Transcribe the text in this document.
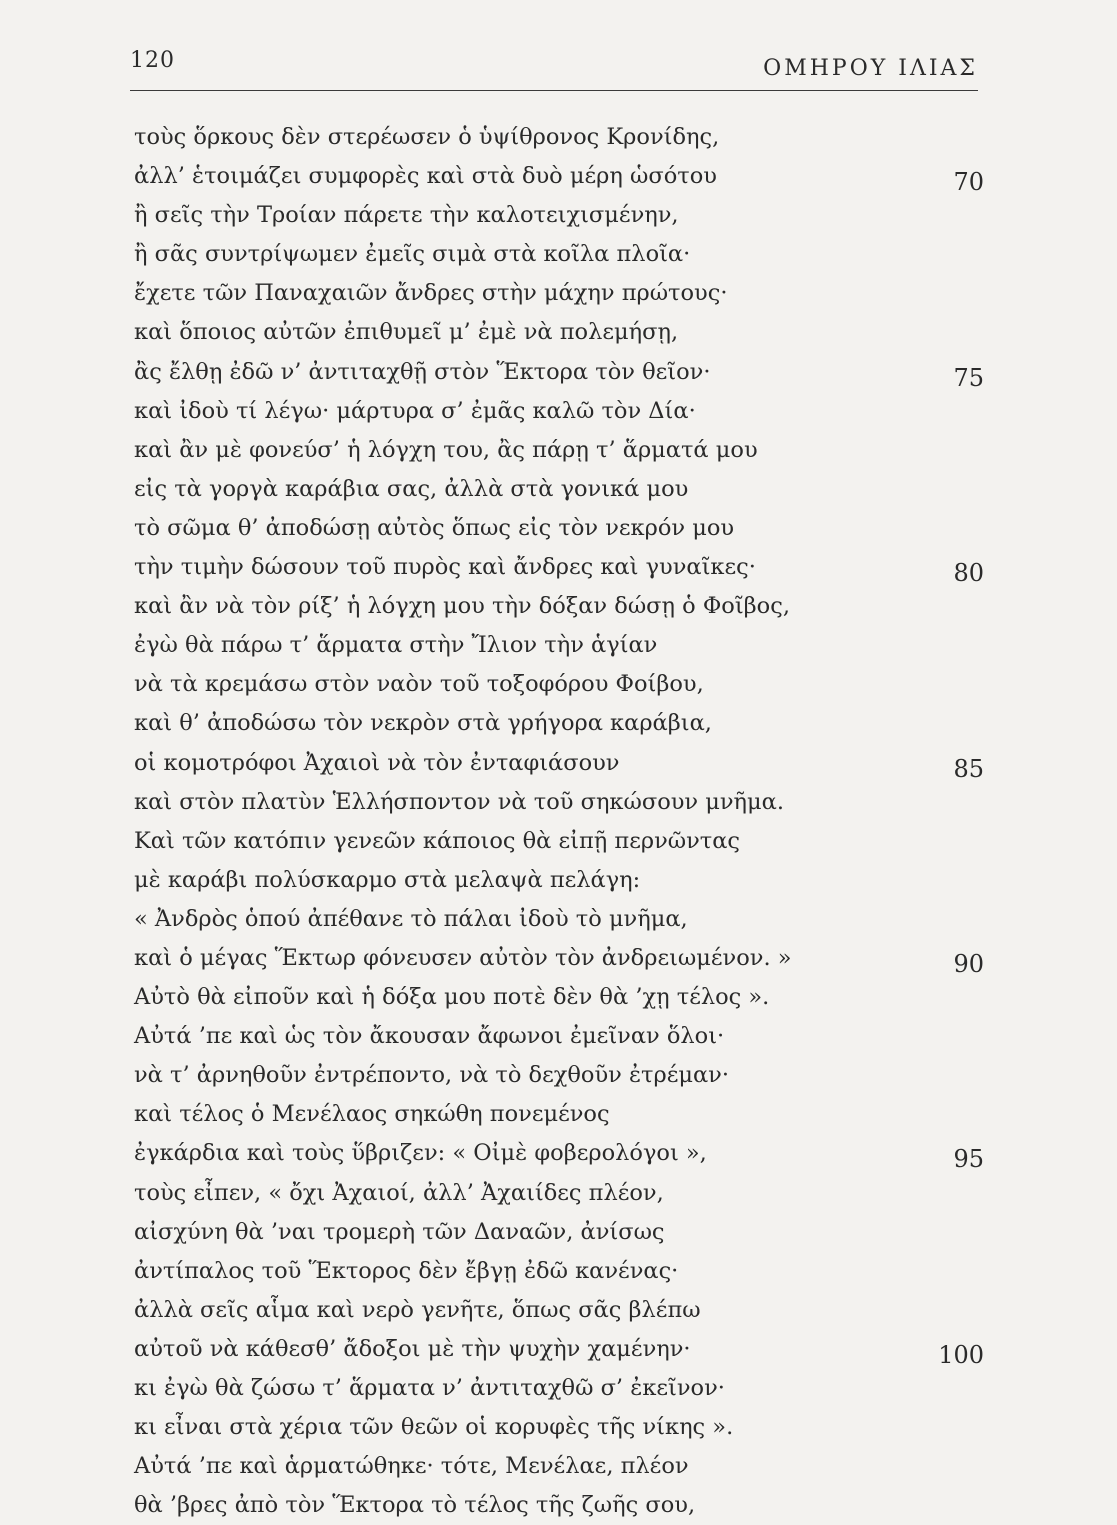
120	ΟΜΗΡΟΥ ΙΛΙΑΣ
τοὺς ὅρκους δὲν στερέωσεν ὁ ὑψίθρονος Κρονίδης,
ἀλλ’ ἑτοιμάζει συμφορὲς καὶ στὰ δυὸ μέρη ὡσότου	70
ἢ σεῖς τὴν Τροίαν πάρετε τὴν καλοτειχισμένην,
ἢ σᾶς συντρίψωμεν ἐμεῖς σιμὰ στὰ κοῖλα πλοῖα·
ἔχετε τῶν Παναχαιῶν ἄνδρες στὴν μάχην πρώτους·
καὶ ὅποιος αὐτῶν ἐπιθυμεῖ μ’ ἐμὲ νὰ πολεμήσῃ,
ἂς ἔλθῃ ἐδῶ ν’ ἀντιταχθῇ στὸν Ἕκτορα τὸν θεῖον·	75
καὶ ἰδοὺ τί λέγω· μάρτυρα σ’ ἐμᾶς καλῶ τὸν Δία·
καὶ ἂν μὲ φονεύσ’ ἡ λόγχη του, ἂς πάρῃ τ’ ἅρματά μου
εἰς τὰ γοργὰ καράβια σας, ἀλλὰ στὰ γονικά μου
τὸ σῶμα θ’ ἀποδώσῃ αὐτὸς ὅπως εἰς τὸν νεκρόν μου
τὴν τιμὴν δώσουν τοῦ πυρὸς καὶ ἄνδρες καὶ γυναῖκες·	80
καὶ ἂν νὰ τὸν ρίξ’ ἡ λόγχη μου τὴν δόξαν δώσῃ ὁ Φοῖβος,
ἐγὼ θὰ πάρω τ’ ἅρματα στὴν Ἴλιον τὴν ἁγίαν
νὰ τὰ κρεμάσω στὸν ναὸν τοῦ τοξοφόρου Φοίβου,
καὶ θ’ ἀποδώσω τὸν νεκρὸν στὰ γρήγορα καράβια,
οἱ κομοτρόφοι Ἀχαιοὶ νὰ τὸν ἐνταφιάσουν	85
καὶ στὸν πλατὺν Ἑλλήσποντον νὰ τοῦ σηκώσουν μνῆμα.
Καὶ τῶν κατόπιν γενεῶν κάποιος θὰ εἰπῇ περνῶντας
μὲ καράβι πολύσκαρμο στὰ μελαψὰ πελάγη:
« Ἀνδρὸς ὁπού ἀπέθανε τὸ πάλαι ἰδοὺ τὸ μνῆμα,
καὶ ὁ μέγας Ἕκτωρ φόνευσεν αὐτὸν τὸν ἀνδρειωμένον. »	90
Αὐτὸ θὰ εἰποῦν καὶ ἡ δόξα μου ποτὲ δὲν θὰ ’χῃ τέλος ».
Αὐτά ’πε καὶ ὡς τὸν ἄκουσαν ἄφωνοι ἐμεῖναν ὅλοι·
νὰ τ’ ἀρνηθοῦν ἐντρέποντο, νὰ τὸ δεχθοῦν ἐτρέμαν·
καὶ τέλος ὁ Μενέλαος σηκώθη πονεμένος
ἐγκάρδια καὶ τοὺς ὕβριζεν: « Οἰμὲ φοβερολόγοι »,	95
τοὺς εἶπεν, « ὄχι Ἀχαιοί, ἀλλ’ Ἀχαιίδες πλέον,
αἰσχύνη θὰ ’ναι τρομερὴ τῶν Δαναῶν, ἀνίσως
ἀντίπαλος τοῦ Ἕκτορος δὲν ἔβγῃ ἐδῶ κανένας·
ἀλλὰ σεῖς αἷμα καὶ νερὸ γενῆτε, ὅπως σᾶς βλέπω
αὐτοῦ νὰ κάθεσθ’ ἄδοξοι μὲ τὴν ψυχὴν χαμένην·	100
κι ἐγὼ θὰ ζώσω τ’ ἅρματα ν’ ἀντιταχθῶ σ’ ἐκεῖνον·
κι εἶναι στὰ χέρια τῶν θεῶν οἱ κορυφὲς τῆς νίκης ».
Αὐτά ’πε καὶ ἁρματώθηκε· τότε, Μενέλαε, πλέον
θὰ ’βρες ἀπὸ τὸν Ἕκτορα τὸ τέλος τῆς ζωῆς σου,
